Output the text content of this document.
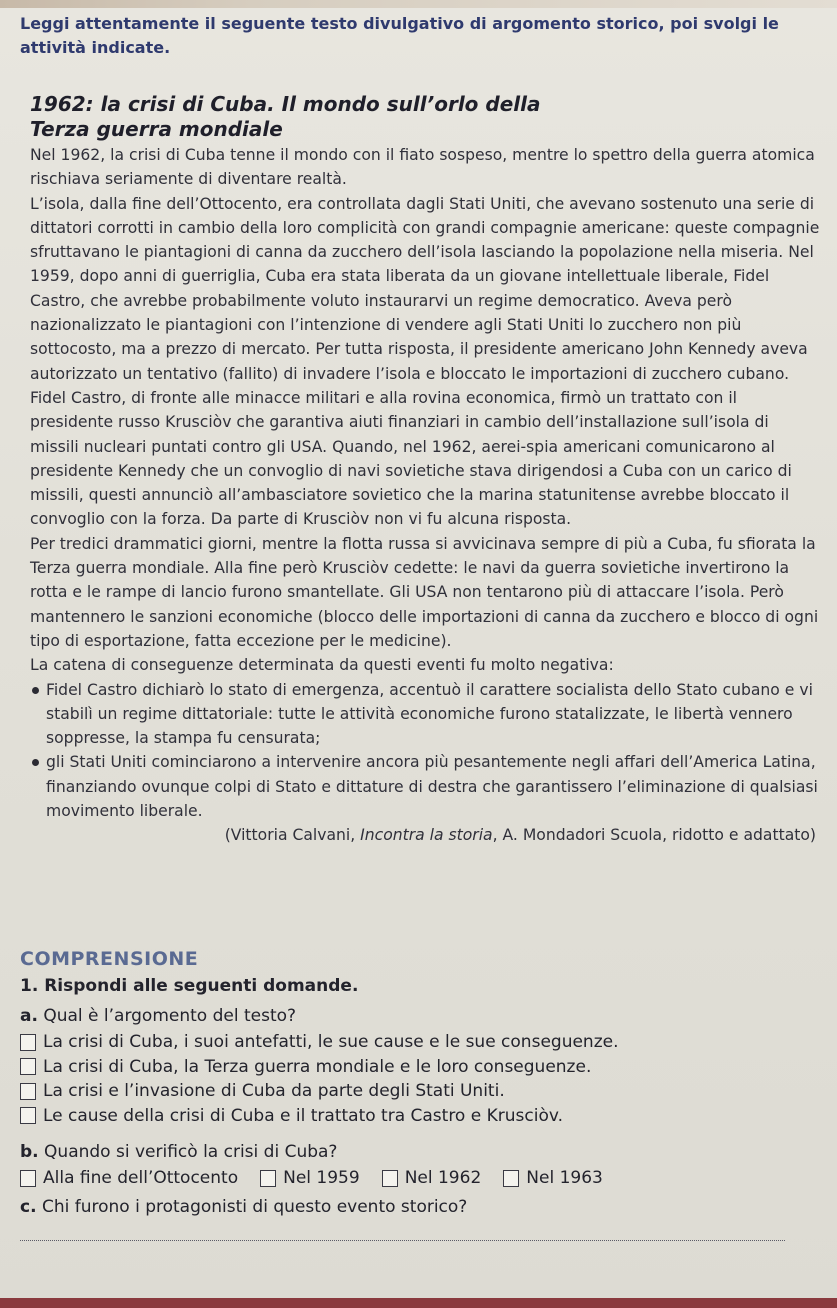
Leggi attentamente il seguente testo divulgativo di argomento storico, poi svolgi le attività indicate.
1962: la crisi di Cuba. Il mondo sull’orlo della Terza guerra mondiale

Nel 1962, la crisi di Cuba tenne il mondo con il fiato sospeso, mentre lo spettro della guerra atomica rischiava seriamente di diventare realtà.

L’isola, dalla fine dell’Ottocento, era controllata dagli Stati Uniti, che avevano sostenuto una serie di dittatori corrotti in cambio della loro complicità con grandi compagnie americane: queste compagnie sfruttavano le piantagioni di canna da zucchero dell’isola lasciando la popolazione nella miseria. Nel 1959, dopo anni di guerriglia, Cuba era stata liberata da un giovane intellettuale liberale, Fidel Castro, che avrebbe probabilmente voluto instaurarvi un regime democratico. Aveva però nazionalizzato le piantagioni con l’intenzione di vendere agli Stati Uniti lo zucchero non più sottocosto, ma a prezzo di mercato. Per tutta risposta, il presidente americano John Kennedy aveva autorizzato un tentativo (fallito) di invadere l’isola e bloccato le importazioni di zucchero cubano. Fidel Castro, di fronte alle minacce militari e alla rovina economica, firmò un trattato con il presidente russo Krusciòv che garantiva aiuti finanziari in cambio dell’installazione sull’isola di missili nucleari puntati contro gli USA. Quando, nel 1962, aerei-spia americani comunicarono al presidente Kennedy che un convoglio di navi sovietiche stava dirigendosi a Cuba con un carico di missili, questi annunciò all’ambasciatore sovietico che la marina statunitense avrebbe bloccato il convoglio con la forza. Da parte di Krusciòv non vi fu alcuna risposta.

Per tredici drammatici giorni, mentre la flotta russa si avvicinava sempre di più a Cuba, fu sfiorata la Terza guerra mondiale. Alla fine però Krusciòv cedette: le navi da guerra sovietiche invertirono la rotta e le rampe di lancio furono smantellate. Gli USA non tentarono più di attaccare l’isola. Però mantennero le sanzioni economiche (blocco delle importazioni di canna da zucchero e blocco di ogni tipo di esportazione, fatta eccezione per le medicine).

La catena di conseguenze determinata da questi eventi fu molto negativa:

Fidel Castro dichiarò lo stato di emergenza, accentuò il carattere socialista dello Stato cubano e vi stabilì un regime dittatoriale: tutte le attività economiche furono statalizzate, le libertà vennero soppresse, la stampa fu censurata;
gli Stati Uniti cominciarono a intervenire ancora più pesantemente negli affari dell’America Latina, finanziando ovunque colpi di Stato e dittature di destra che garantissero l’eliminazione di qualsiasi movimento liberale.

(Vittoria Calvani, Incontra la storia, A. Mondadori Scuola, ridotto e adattato)

COMPRENSIONE
1. Rispondi alle seguenti domande.
a. Qual è l’argomento del testo?
La crisi di Cuba, i suoi antefatti, le sue cause e le sue conseguenze.
La crisi di Cuba, la Terza guerra mondiale e le loro conseguenze.
La crisi e l’invasione di Cuba da parte degli Stati Uniti.
Le cause della crisi di Cuba e il trattato tra Castro e Krusciòv.
b. Quando si verificò la crisi di Cuba?
Alla fine dell’Ottocento	Nel 1959	Nel 1962	Nel 1963
c. Chi furono i protagonisti di questo evento storico?
